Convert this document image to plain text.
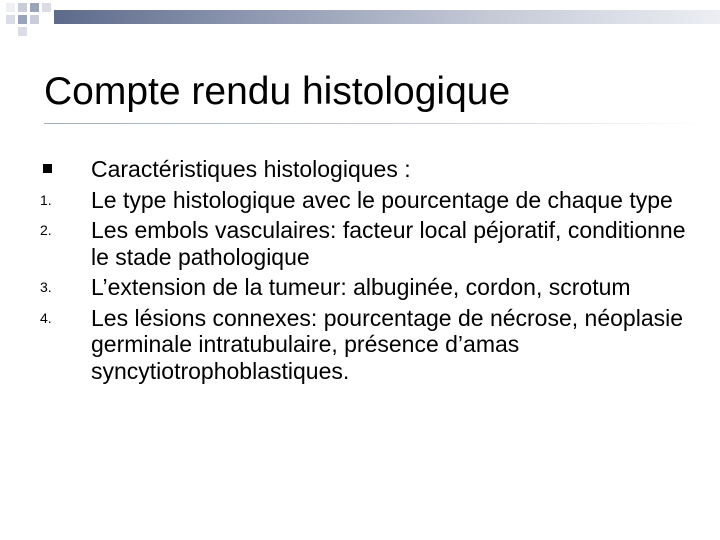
Compte rendu histologique
Caractéristiques histologiques :
1.	Le type histologique avec le pourcentage de chaque type
2.	Les embols vasculaires: facteur local péjoratif, conditionne le stade pathologique
3.	L’extension de la tumeur: albuginée, cordon, scrotum
4.	Les lésions connexes: pourcentage de nécrose, néoplasie germinale intratubulaire, présence d’amas syncytiotrophoblastiques.
